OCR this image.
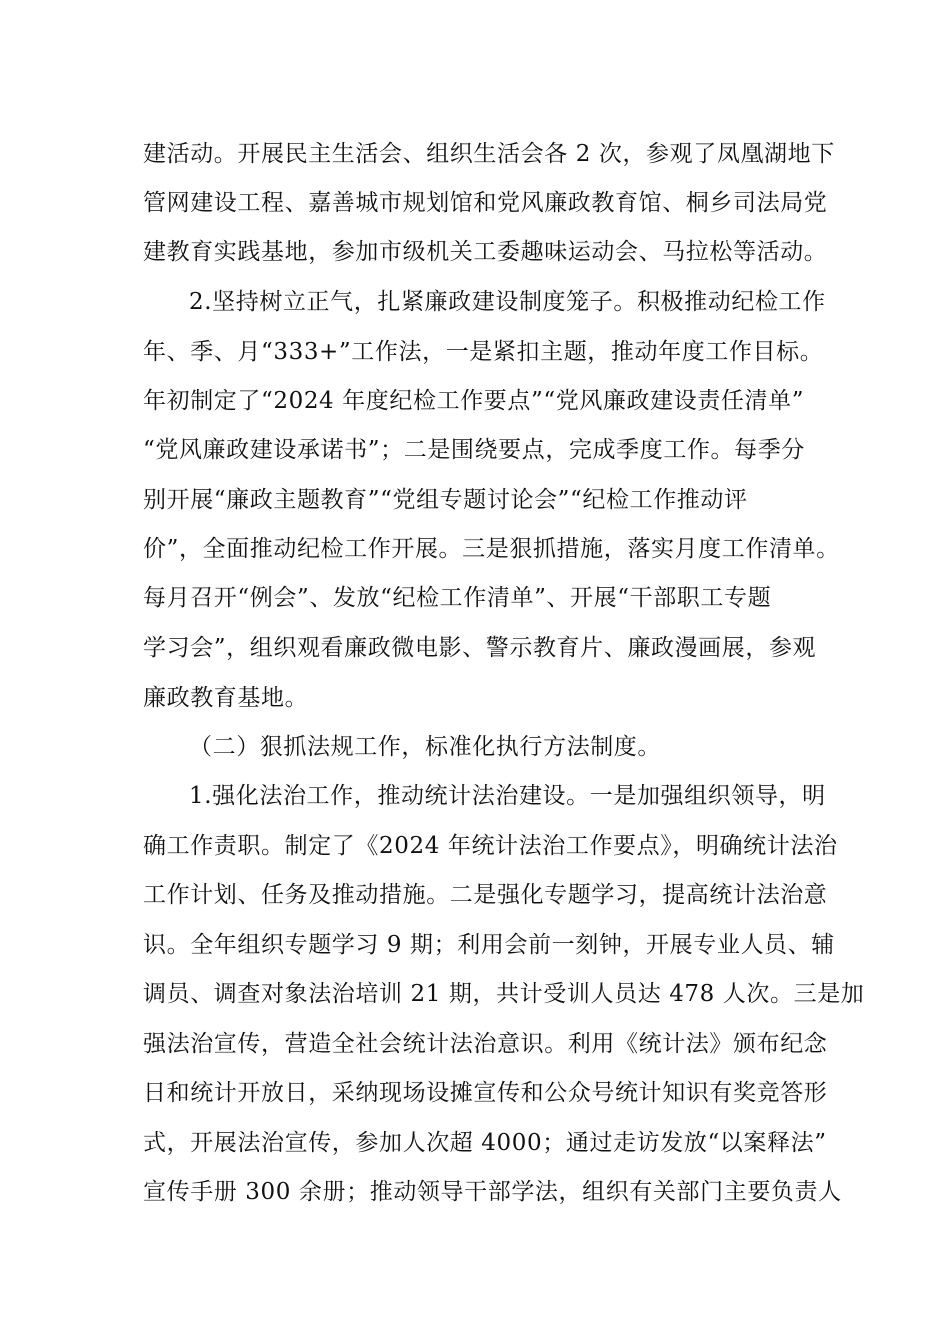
建活动。开展民主生活会、组织生活会各 2 次，参观了凤凰湖地下
管网建设工程、嘉善城市规划馆和党风廉政教育馆、桐乡司法局党
建教育实践基地，参加市级机关工委趣味运动会、马拉松等活动。
2.坚持树立正气，扎紧廉政建设制度笼子。积极推动纪检工作
年、季、月“333+”工作法，一是紧扣主题，推动年度工作目标。
年初制定了“2024 年度纪检工作要点”“党风廉政建设责任清单”
“党风廉政建设承诺书”；二是围绕要点，完成季度工作。每季分
别开展“廉政主题教育”“党组专题讨论会”“纪检工作推动评
价”，全面推动纪检工作开展。三是狠抓措施，落实月度工作清单。
每月召开“例会”、发放“纪检工作清单”、开展“干部职工专题
学习会”，组织观看廉政微电影、警示教育片、廉政漫画展，参观
廉政教育基地。
（二）狠抓法规工作，标准化执行方法制度。
1.强化法治工作，推动统计法治建设。一是加强组织领导，明
确工作责职。制定了《2024 年统计法治工作要点》，明确统计法治
工作计划、任务及推动措施。二是强化专题学习，提高统计法治意
识。全年组织专题学习 9 期；利用会前一刻钟，开展专业人员、辅
调员、调查对象法治培训 21 期，共计受训人员达 478 人次。三是加
强法治宣传，营造全社会统计法治意识。利用《统计法》颁布纪念
日和统计开放日，采纳现场设摊宣传和公众号统计知识有奖竞答形
式，开展法治宣传，参加人次超 4000；通过走访发放“以案释法”
宣传手册 300 余册；推动领导干部学法，组织有关部门主要负责人
